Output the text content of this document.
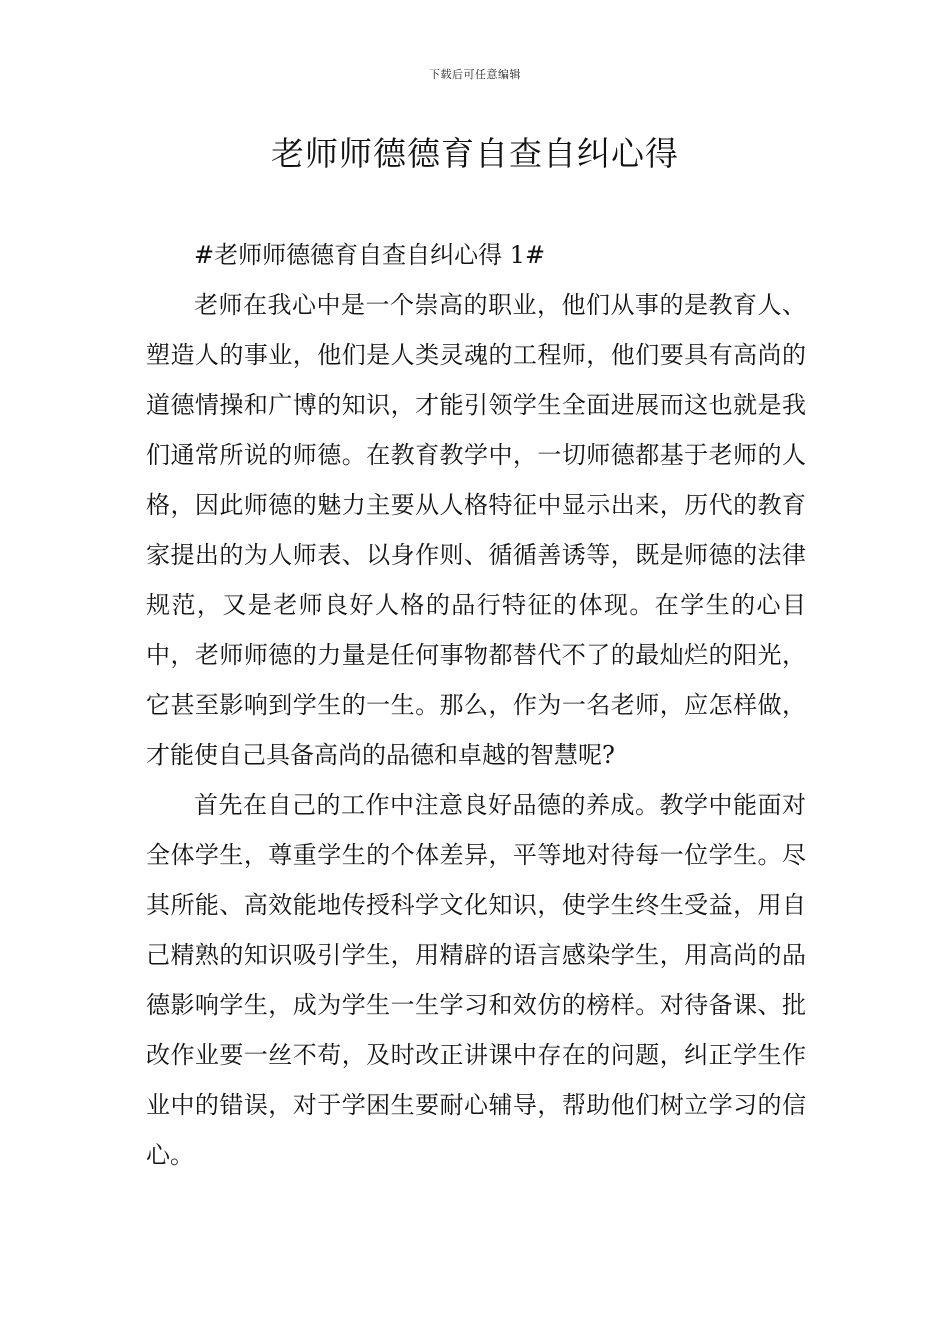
下载后可任意编辑
老师师德德育自查自纠心得
#老师师德德育自查自纠心得 1#

老师在我心中是一个崇高的职业，他们从事的是教育人、塑造人的事业，他们是人类灵魂的工程师，他们要具有高尚的道德情操和广博的知识，才能引领学生全面进展而这也就是我们通常所说的师德。在教育教学中，一切师德都基于老师的人格，因此师德的魅力主要从人格特征中显示出来，历代的教育家提出的为人师表、以身作则、循循善诱等，既是师德的法律规范，又是老师良好人格的品行特征的体现。在学生的心目中，老师师德的力量是任何事物都替代不了的最灿烂的阳光，它甚至影响到学生的一生。那么，作为一名老师，应怎样做，才能使自己具备高尚的品德和卓越的智慧呢?

首先在自己的工作中注意良好品德的养成。教学中能面对全体学生，尊重学生的个体差异，平等地对待每一位学生。尽其所能、高效能地传授科学文化知识，使学生终生受益，用自己精熟的知识吸引学生，用精辟的语言感染学生，用高尚的品德影响学生，成为学生一生学习和效仿的榜样。对待备课、批改作业要一丝不苟，及时改正讲课中存在的问题，纠正学生作业中的错误，对于学困生要耐心辅导，帮助他们树立学习的信心。
